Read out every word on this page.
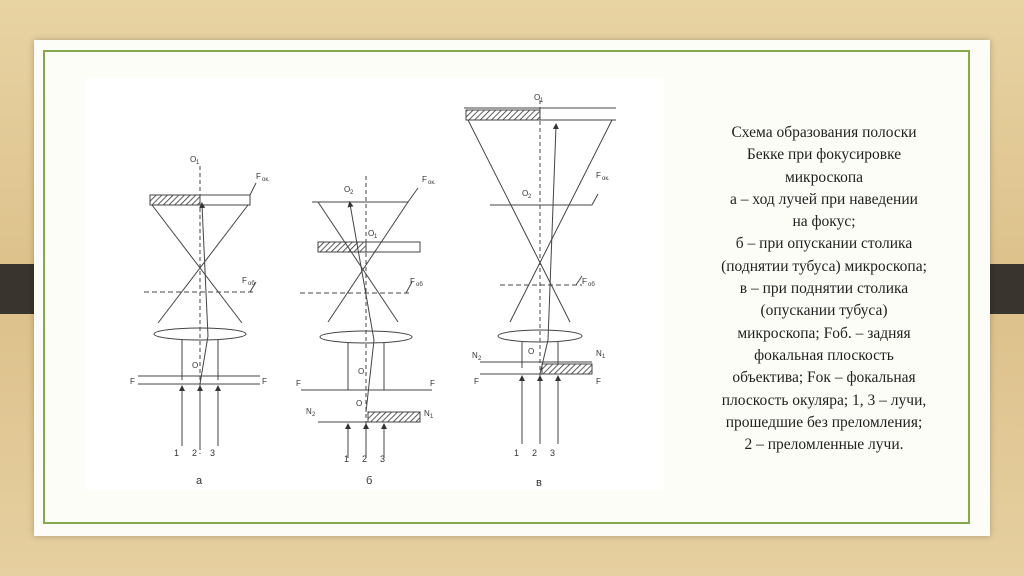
O 1
F ок.
F об
O
F	F
1 2 3
а
O 2
O 1
F ок.
F об
O
F	F
O
N 2	N 1
1 2 3
б
O 1
O 2
F ок.
F об
O
N 2
N 1
F	F
1 2 3
в
Схема образования полоски
Бекке при фокусировке
микроскопа
а – ход лучей при наведении
на фокус;
б – при опускании столика
(поднятии тубуса) микроскопа;
в – при поднятии столика
(опускании тубуса)
микроскопа; Fоб. – задняя
фокальная плоскость
объектива; Fок – фокальная
плоскость окуляра; 1, 3 – лучи,
прошедшие без преломления;
2 – преломленные лучи.
